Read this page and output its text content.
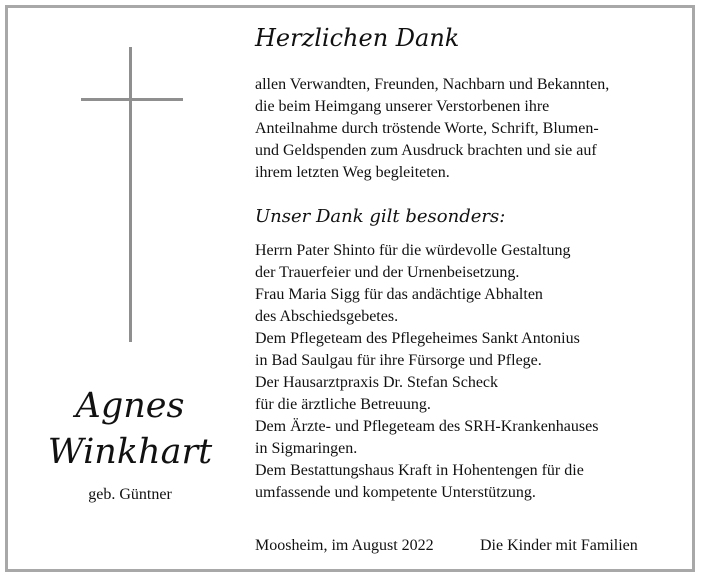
Agnes
Winkhart
geb. Güntner
Herzlichen Dank
allen Verwandten, Freunden, Nachbarn und Bekannten,
die beim Heimgang unserer Verstorbenen ihre
Anteilnahme durch tröstende Worte, Schrift, Blumen-
und Geldspenden zum Ausdruck brachten und sie auf
ihrem letzten Weg begleiteten.
Unser Dank gilt besonders:
Herrn Pater Shinto für die würdevolle Gestaltung
der Trauerfeier und der Urnenbeisetzung.
Frau Maria Sigg für das andächtige Abhalten
des Abschiedsgebetes.
Dem Pflegeteam des Pflegeheimes Sankt Antonius
in Bad Saulgau für ihre Fürsorge und Pflege.
Der Hausarztpraxis Dr. Stefan Scheck
für die ärztliche Betreuung.
Dem Ärzte- und Pflegeteam des SRH-Krankenhauses
in Sigmaringen.
Dem Bestattungshaus Kraft in Hohentengen für die
umfassende und kompetente Unterstützung.
Moosheim, im August 2022	Die Kinder mit Familien
